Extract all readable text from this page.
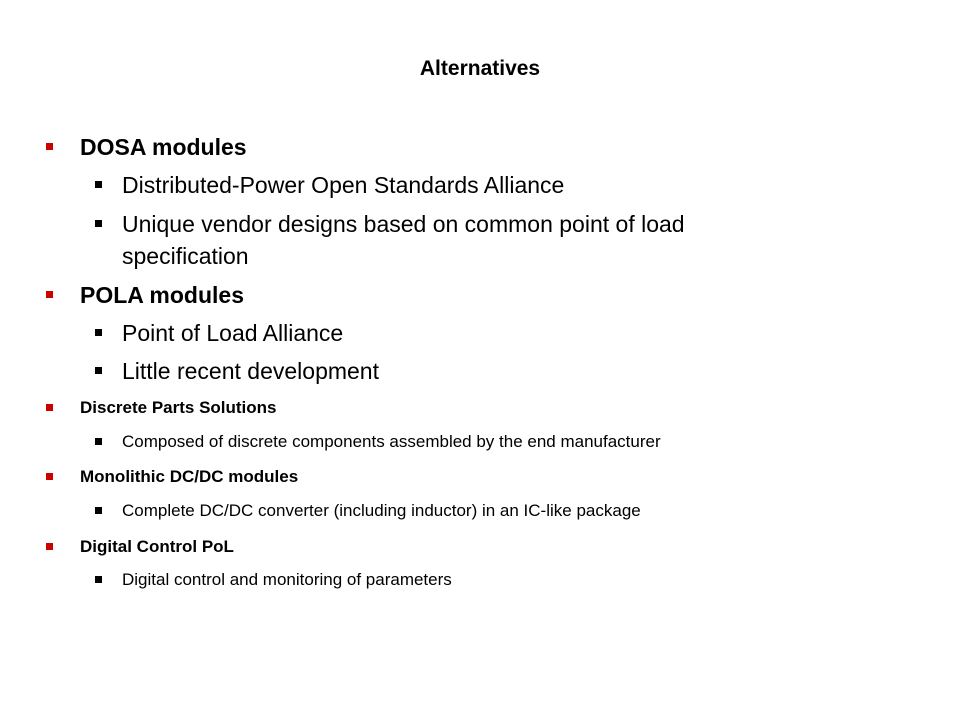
Alternatives
DOSA modules
Distributed-Power Open Standards Alliance
Unique vendor designs based on common point of load
specification
POLA modules
Point of Load Alliance
Little recent development
Discrete Parts Solutions
Composed of discrete components assembled by the end manufacturer
Monolithic DC/DC modules
Complete DC/DC converter (including inductor) in an IC-like package
Digital Control PoL
Digital control and monitoring of parameters
